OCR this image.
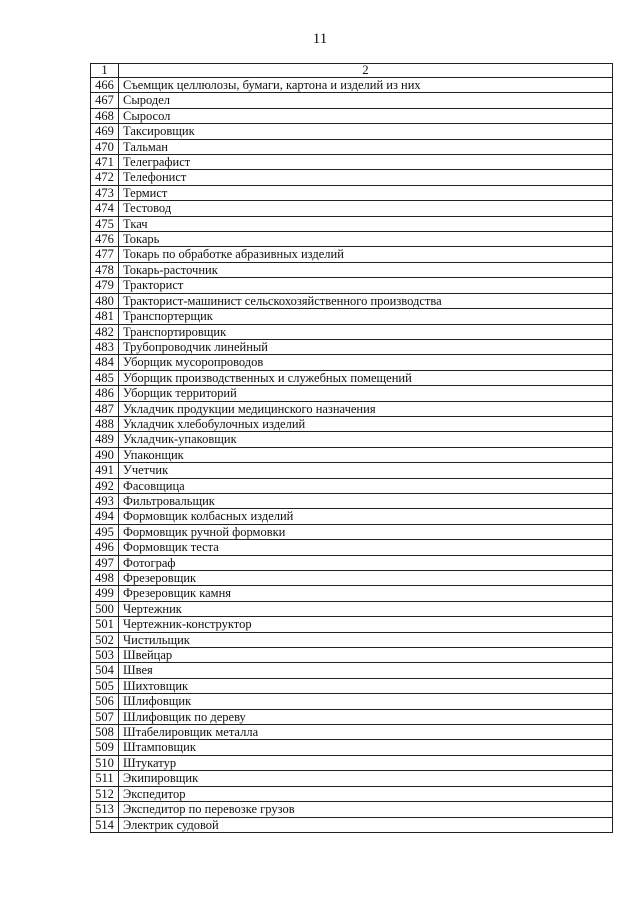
11
1	2
466	Съемщик целлюлозы, бумаги, картона и изделий из них
467	Сыродел
468	Сыросол
469	Таксировщик
470	Тальман
471	Телеграфист
472	Телефонист
473	Термист
474	Тестовод
475	Ткач
476	Токарь
477	Токарь по обработке абразивных изделий
478	Токарь-расточник
479	Тракторист
480	Тракторист-машинист сельскохозяйственного производства
481	Транспортерщик
482	Транспортировщик
483	Трубопроводчик линейный
484	Уборщик мусоропроводов
485	Уборщик производственных и служебных помещений
486	Уборщик территорий
487	Укладчик продукции медицинского назначения
488	Укладчик хлебобулочных изделий
489	Укладчик-упаковщик
490	Упаконщик
491	Учетчик
492	Фасовщица
493	Фильтровальщик
494	Формовщик колбасных изделий
495	Формовщик ручной формовки
496	Формовщик теста
497	Фотограф
498	Фрезеровщик
499	Фрезеровщик камня
500	Чертежник
501	Чертежник-конструктор
502	Чистильщик
503	Швейцар
504	Швея
505	Шихтовщик
506	Шлифовщик
507	Шлифовщик по дереву
508	Штабелировщик металла
509	Штамповщик
510	Штукатур
511	Экипировщик
512	Экспедитор
513	Экспедитор по перевозке грузов
514	Электрик судовой
